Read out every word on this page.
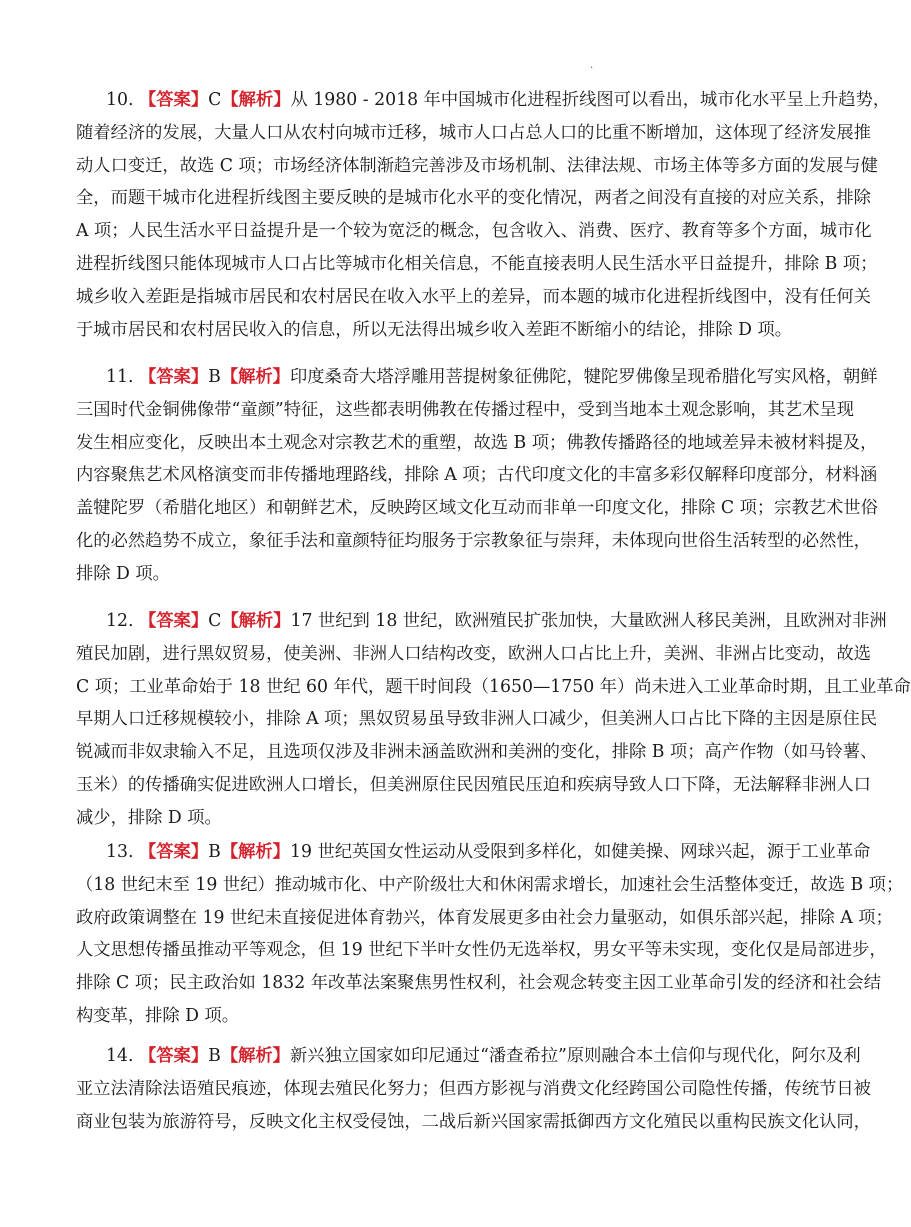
.
10. 【答案】C【解析】从 1980 - 2018 年中国城市化进程折线图可以看出，城市化水平呈上升趋势，
随着经济的发展，大量人口从农村向城市迁移，城市人口占总人口的比重不断增加，这体现了经济发展推
动人口变迁，故选 C 项；市场经济体制渐趋完善涉及市场机制、法律法规、市场主体等多方面的发展与健
全，而题干城市化进程折线图主要反映的是城市化水平的变化情况，两者之间没有直接的对应关系，排除
A 项；人民生活水平日益提升是一个较为宽泛的概念，包含收入、消费、医疗、教育等多个方面，城市化
进程折线图只能体现城市人口占比等城市化相关信息，不能直接表明人民生活水平日益提升，排除 B 项；
城乡收入差距是指城市居民和农村居民在收入水平上的差异，而本题的城市化进程折线图中，没有任何关
于城市居民和农村居民收入的信息，所以无法得出城乡收入差距不断缩小的结论，排除 D 项。
11. 【答案】B【解析】印度桑奇大塔浮雕用菩提树象征佛陀，犍陀罗佛像呈现希腊化写实风格，朝鲜
三国时代金铜佛像带“童颜”特征，这些都表明佛教在传播过程中，受到当地本土观念影响，其艺术呈现
发生相应变化，反映出本土观念对宗教艺术的重塑，故选 B 项；佛教传播路径的地域差异未被材料提及，
内容聚焦艺术风格演变而非传播地理路线，排除 A 项；古代印度文化的丰富多彩仅解释印度部分，材料涵
盖犍陀罗（希腊化地区）和朝鲜艺术，反映跨区域文化互动而非单一印度文化，排除 C 项；宗教艺术世俗
化的必然趋势不成立，象征手法和童颜特征均服务于宗教象征与崇拜，未体现向世俗生活转型的必然性，
排除 D 项。
12. 【答案】C【解析】17 世纪到 18 世纪，欧洲殖民扩张加快，大量欧洲人移民美洲，且欧洲对非洲
殖民加剧，进行黑奴贸易，使美洲、非洲人口结构改变，欧洲人口占比上升，美洲、非洲占比变动，故选
C 项；工业革命始于 18 世纪 60 年代，题干时间段（1650—1750 年）尚未进入工业革命时期，且工业革命
早期人口迁移规模较小，排除 A 项；黑奴贸易虽导致非洲人口减少，但美洲人口占比下降的主因是原住民
锐减而非奴隶输入不足，且选项仅涉及非洲未涵盖欧洲和美洲的变化，排除 B 项；高产作物（如马铃薯、
玉米）的传播确实促进欧洲人口增长，但美洲原住民因殖民压迫和疾病导致人口下降，无法解释非洲人口
减少，排除 D 项。
13. 【答案】B【解析】19 世纪英国女性运动从受限到多样化，如健美操、网球兴起，源于工业革命
（18 世纪末至 19 世纪）推动城市化、中产阶级壮大和休闲需求增长，加速社会生活整体变迁，故选 B 项；
政府政策调整在 19 世纪未直接促进体育勃兴，体育发展更多由社会力量驱动，如俱乐部兴起，排除 A 项；
人文思想传播虽推动平等观念，但 19 世纪下半叶女性仍无选举权，男女平等未实现，变化仅是局部进步，
排除 C 项；民主政治如 1832 年改革法案聚焦男性权利，社会观念转变主因工业革命引发的经济和社会结
构变革，排除 D 项。
14. 【答案】B【解析】新兴独立国家如印尼通过“潘查希拉”原则融合本土信仰与现代化，阿尔及利
亚立法清除法语殖民痕迹，体现去殖民化努力；但西方影视与消费文化经跨国公司隐性传播，传统节日被
商业包装为旅游符号，反映文化主权受侵蚀，二战后新兴国家需抵御西方文化殖民以重构民族文化认同，
